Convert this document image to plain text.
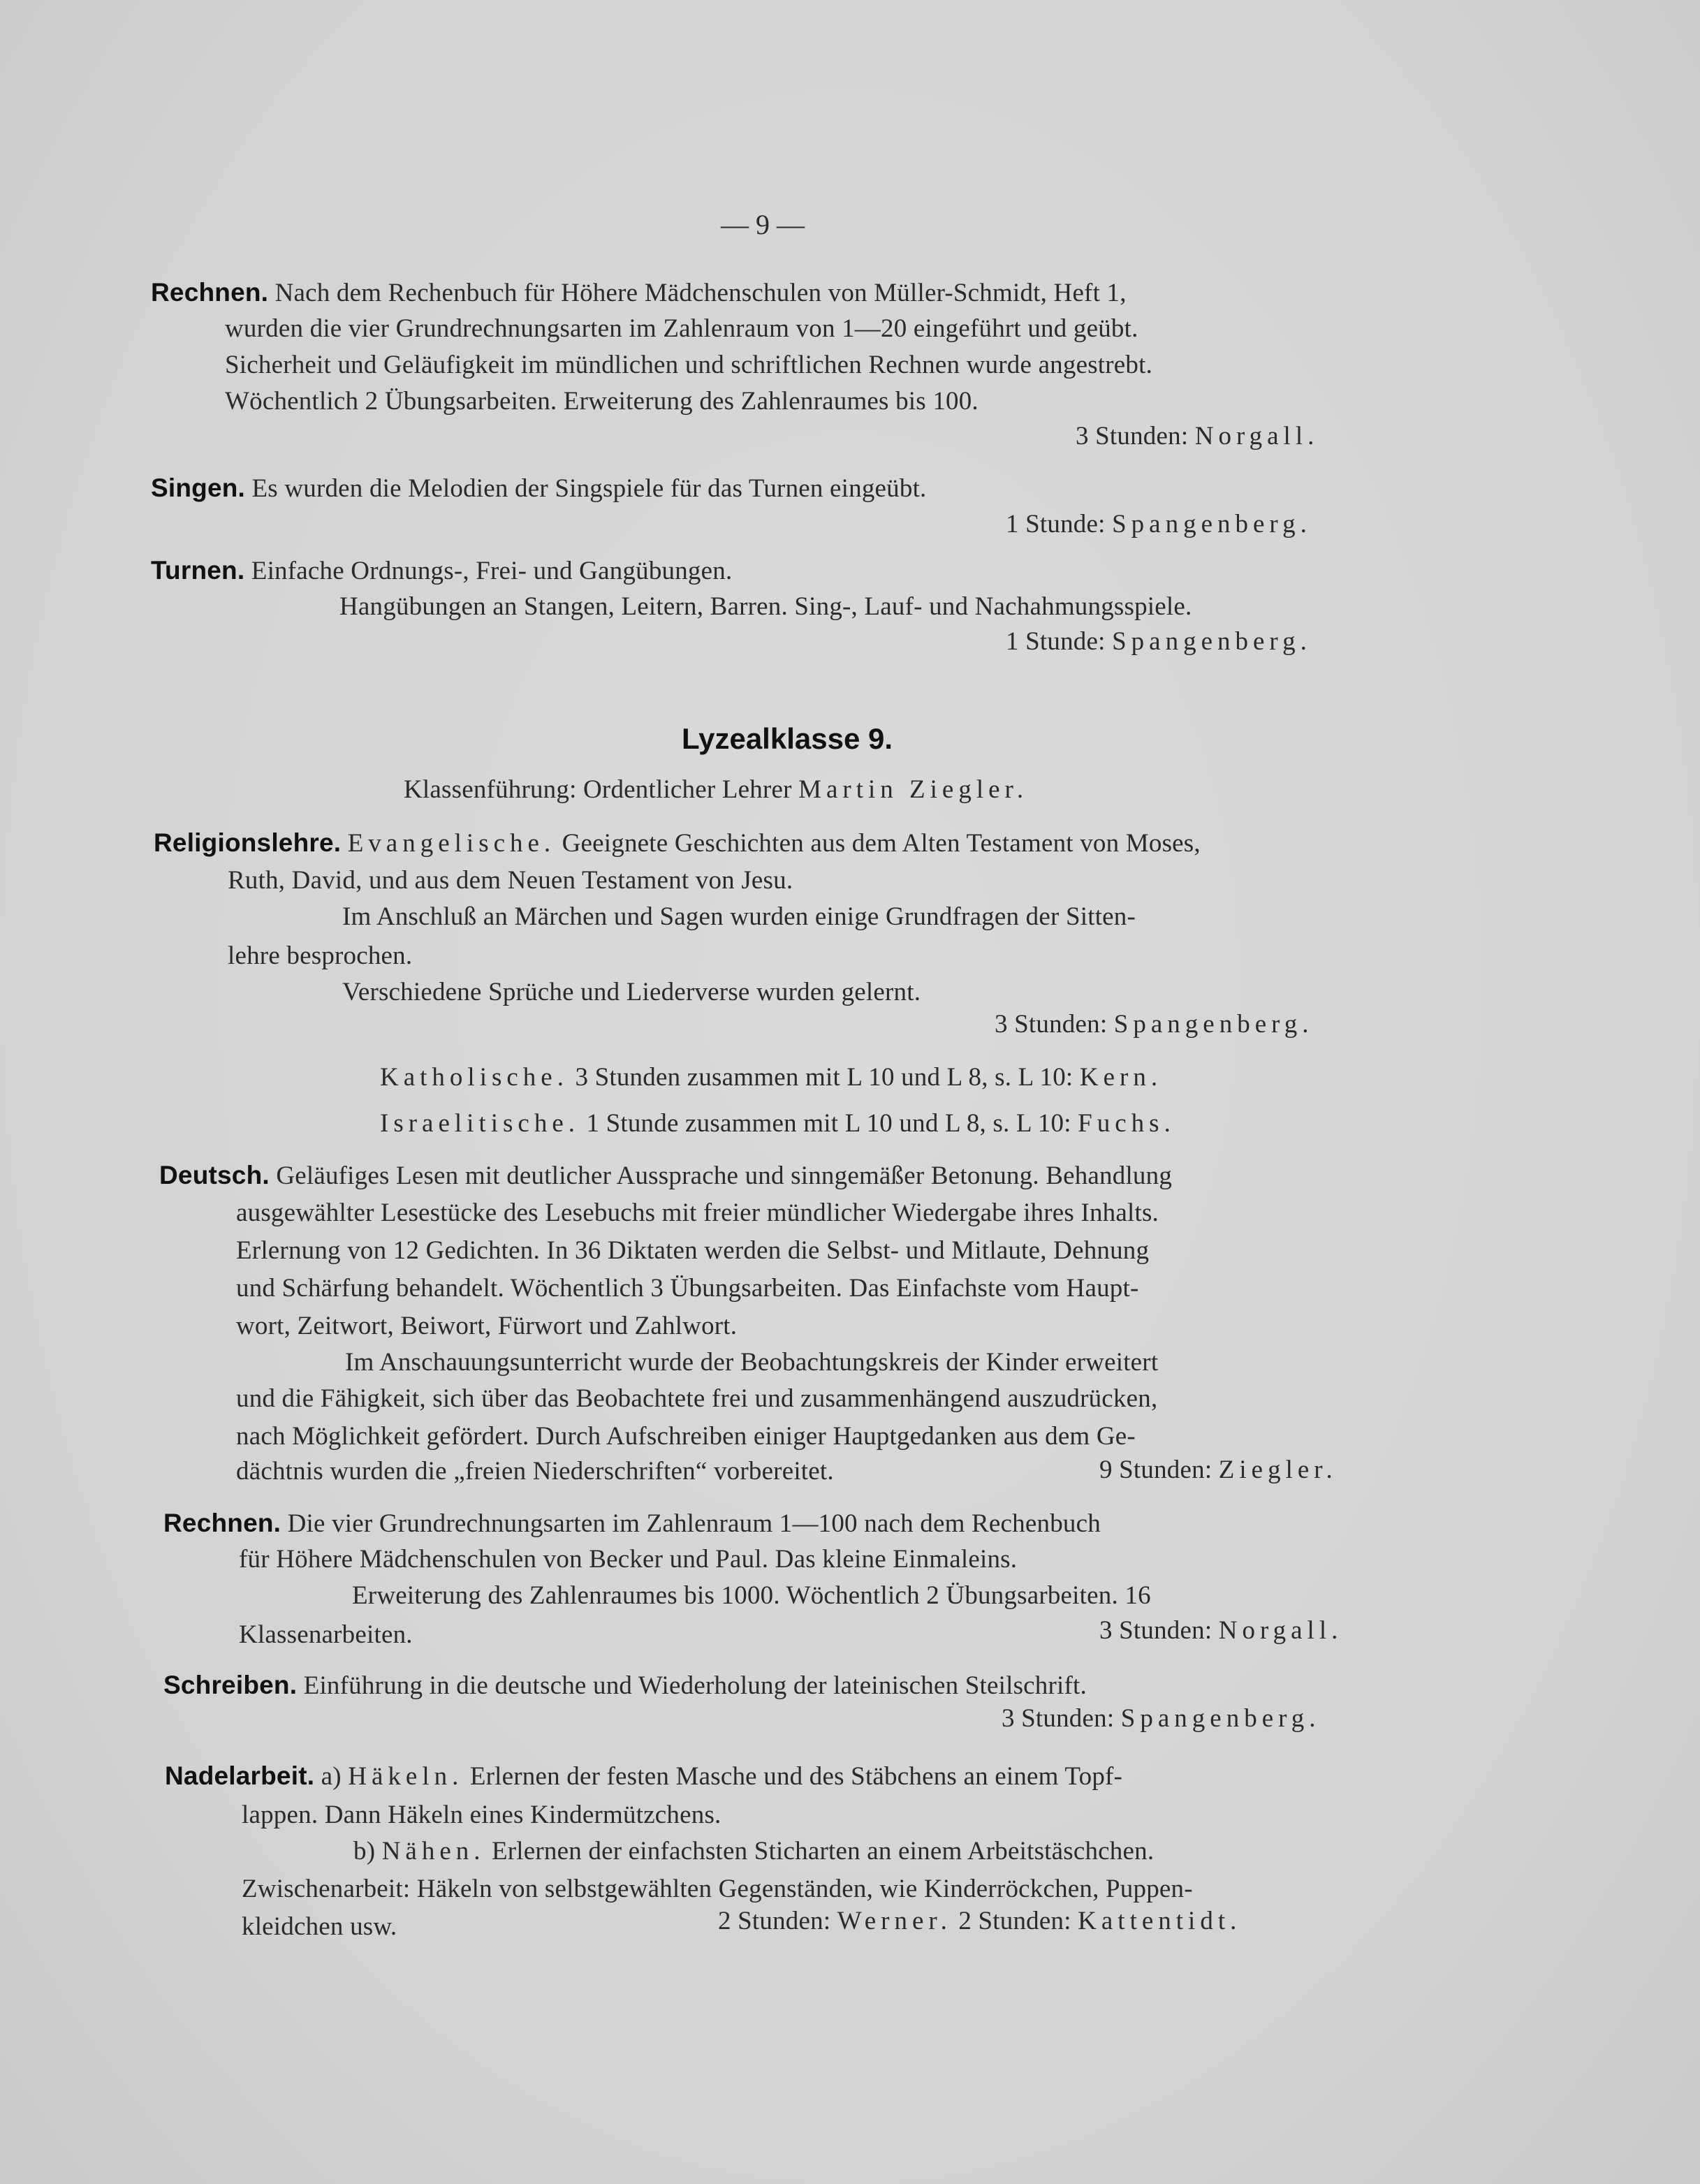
— 9 —
Rechnen. Nach dem Rechenbuch für Höhere Mädchenschulen von Müller-Schmidt, Heft 1,
wurden die vier Grundrechnungsarten im Zahlenraum von 1—20 eingeführt und geübt.
Sicherheit und Geläufigkeit im mündlichen und schriftlichen Rechnen wurde angestrebt.
Wöchentlich 2 Übungsarbeiten. Erweiterung des Zahlenraumes bis 100.
3 Stunden: Norgall.
Singen. Es wurden die Melodien der Singspiele für das Turnen eingeübt.
1 Stunde: Spangenberg.
Turnen. Einfache Ordnungs-, Frei- und Gangübungen.
Hangübungen an Stangen, Leitern, Barren. Sing-, Lauf- und Nachahmungsspiele.
1 Stunde: Spangenberg.
Lyzealklasse 9.
Klassenführung: Ordentlicher Lehrer Martin Ziegler.
Religionslehre. Evangelische. Geeignete Geschichten aus dem Alten Testament von Moses,
Ruth, David, und aus dem Neuen Testament von Jesu.
Im Anschluß an Märchen und Sagen wurden einige Grundfragen der Sitten-
lehre besprochen.
Verschiedene Sprüche und Liederverse wurden gelernt.
3 Stunden: Spangenberg.
Katholische. 3 Stunden zusammen mit L 10 und L 8, s. L 10: Kern.
Israelitische. 1 Stunde zusammen mit L 10 und L 8, s. L 10: Fuchs.
Deutsch. Geläufiges Lesen mit deutlicher Aussprache und sinngemäßer Betonung. Behandlung
ausgewählter Lesestücke des Lesebuchs mit freier mündlicher Wiedergabe ihres Inhalts.
Erlernung von 12 Gedichten. In 36 Diktaten werden die Selbst- und Mitlaute, Dehnung
und Schärfung behandelt. Wöchentlich 3 Übungsarbeiten. Das Einfachste vom Haupt-
wort, Zeitwort, Beiwort, Fürwort und Zahlwort.
Im Anschauungsunterricht wurde der Beobachtungskreis der Kinder erweitert
und die Fähigkeit, sich über das Beobachtete frei und zusammenhängend auszudrücken,
nach Möglichkeit gefördert. Durch Aufschreiben einiger Hauptgedanken aus dem Ge-
dächtnis wurden die „freien Niederschriften“ vorbereitet.	9 Stunden: Ziegler.
Rechnen. Die vier Grundrechnungsarten im Zahlenraum 1—100 nach dem Rechenbuch
für Höhere Mädchenschulen von Becker und Paul. Das kleine Einmaleins.
Erweiterung des Zahlenraumes bis 1000. Wöchentlich 2 Übungsarbeiten. 16
Klassenarbeiten.	3 Stunden: Norgall.
Schreiben. Einführung in die deutsche und Wiederholung der lateinischen Steilschrift.
3 Stunden: Spangenberg.
Nadelarbeit. a) Häkeln. Erlernen der festen Masche und des Stäbchens an einem Topf-
lappen. Dann Häkeln eines Kindermützchens.
b) Nähen. Erlernen der einfachsten Sticharten an einem Arbeitstäschchen.
Zwischenarbeit: Häkeln von selbstgewählten Gegenständen, wie Kinderröckchen, Puppen-
kleidchen usw.	2 Stunden: Werner. 2 Stunden: Kattentidt.
